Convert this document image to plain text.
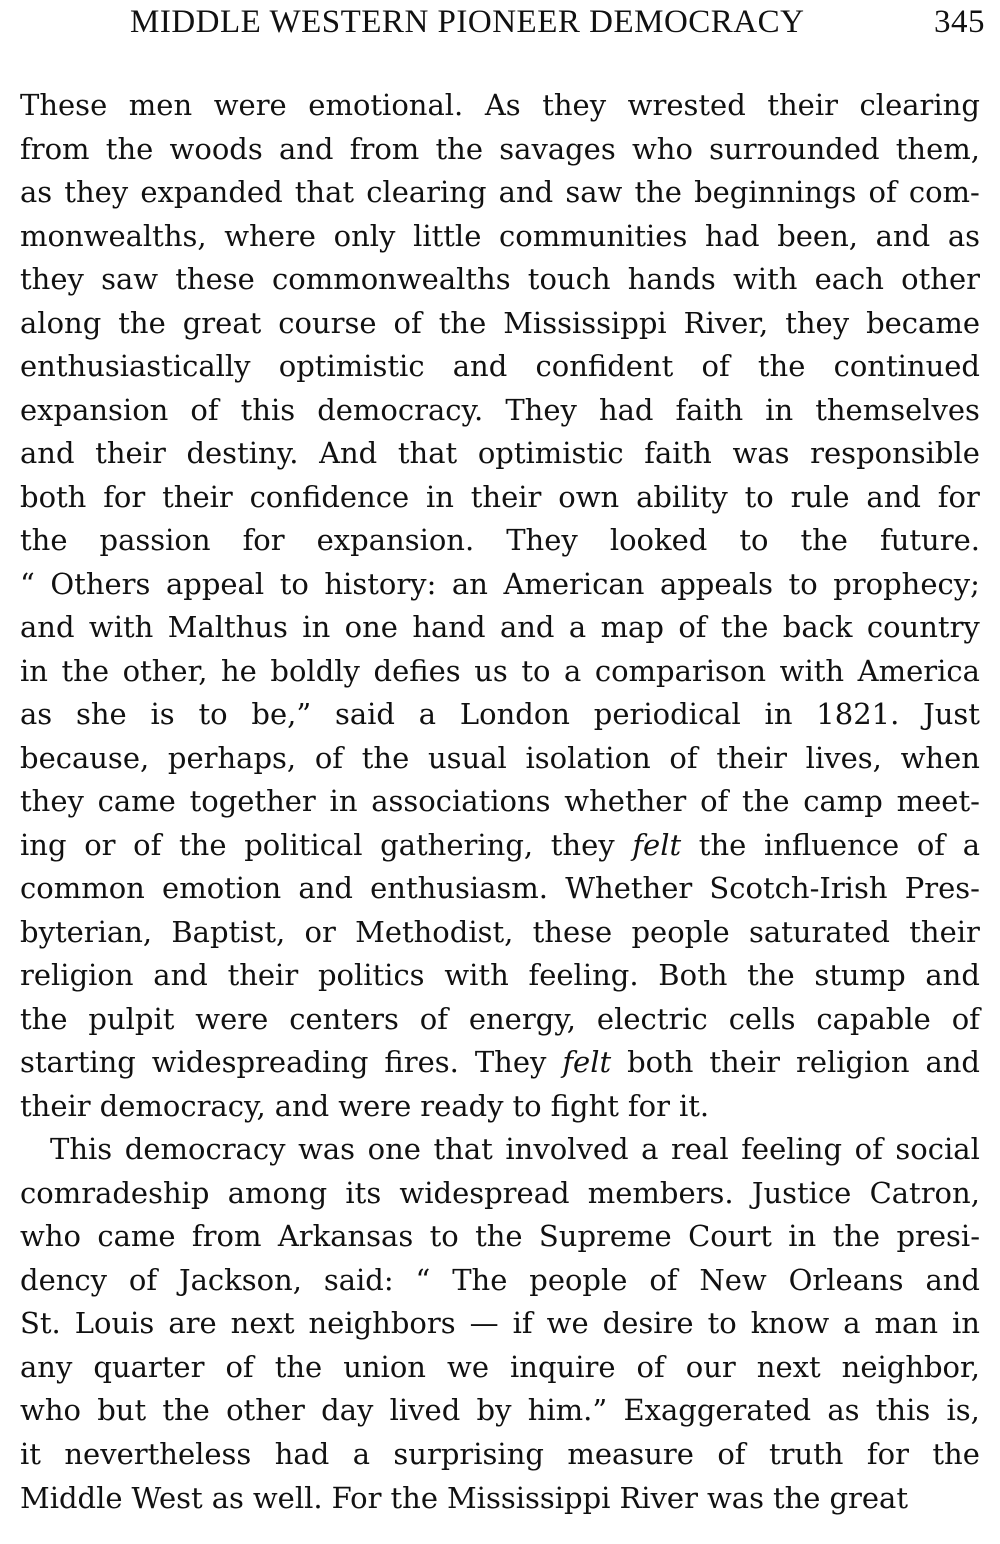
MIDDLE WESTERN PIONEER DEMOCRACY	345
These men were emotional. As they wrested their clearing
from the woods and from the savages who surrounded them,
as they expanded that clearing and saw the beginnings of com-
monwealths, where only little communities had been, and as
they saw these commonwealths touch hands with each other
along the great course of the Mississippi River, they became
enthusiastically optimistic and confident of the continued
expansion of this democracy. They had faith in themselves
and their destiny. And that optimistic faith was responsible
both for their confidence in their own ability to rule and for
the passion for expansion. They looked to the future.
“ Others appeal to history: an American appeals to prophecy;
and with Malthus in one hand and a map of the back country
in the other, he boldly defies us to a comparison with America
as she is to be,” said a London periodical in 1821. Just
because, perhaps, of the usual isolation of their lives, when
they came together in associations whether of the camp meet-
ing or of the political gathering, they felt the influence of a
common emotion and enthusiasm. Whether Scotch-Irish Pres-
byterian, Baptist, or Methodist, these people saturated their
religion and their politics with feeling. Both the stump and
the pulpit were centers of energy, electric cells capable of
starting widespreading fires. They felt both their religion and
their democracy, and were ready to fight for it.
This democracy was one that involved a real feeling of social
comradeship among its widespread members. Justice Catron,
who came from Arkansas to the Supreme Court in the presi-
dency of Jackson, said: “ The people of New Orleans and
St. Louis are next neighbors — if we desire to know a man in
any quarter of the union we inquire of our next neighbor,
who but the other day lived by him.” Exaggerated as this is,
it nevertheless had a surprising measure of truth for the
Middle West as well. For the Mississippi River was the great
